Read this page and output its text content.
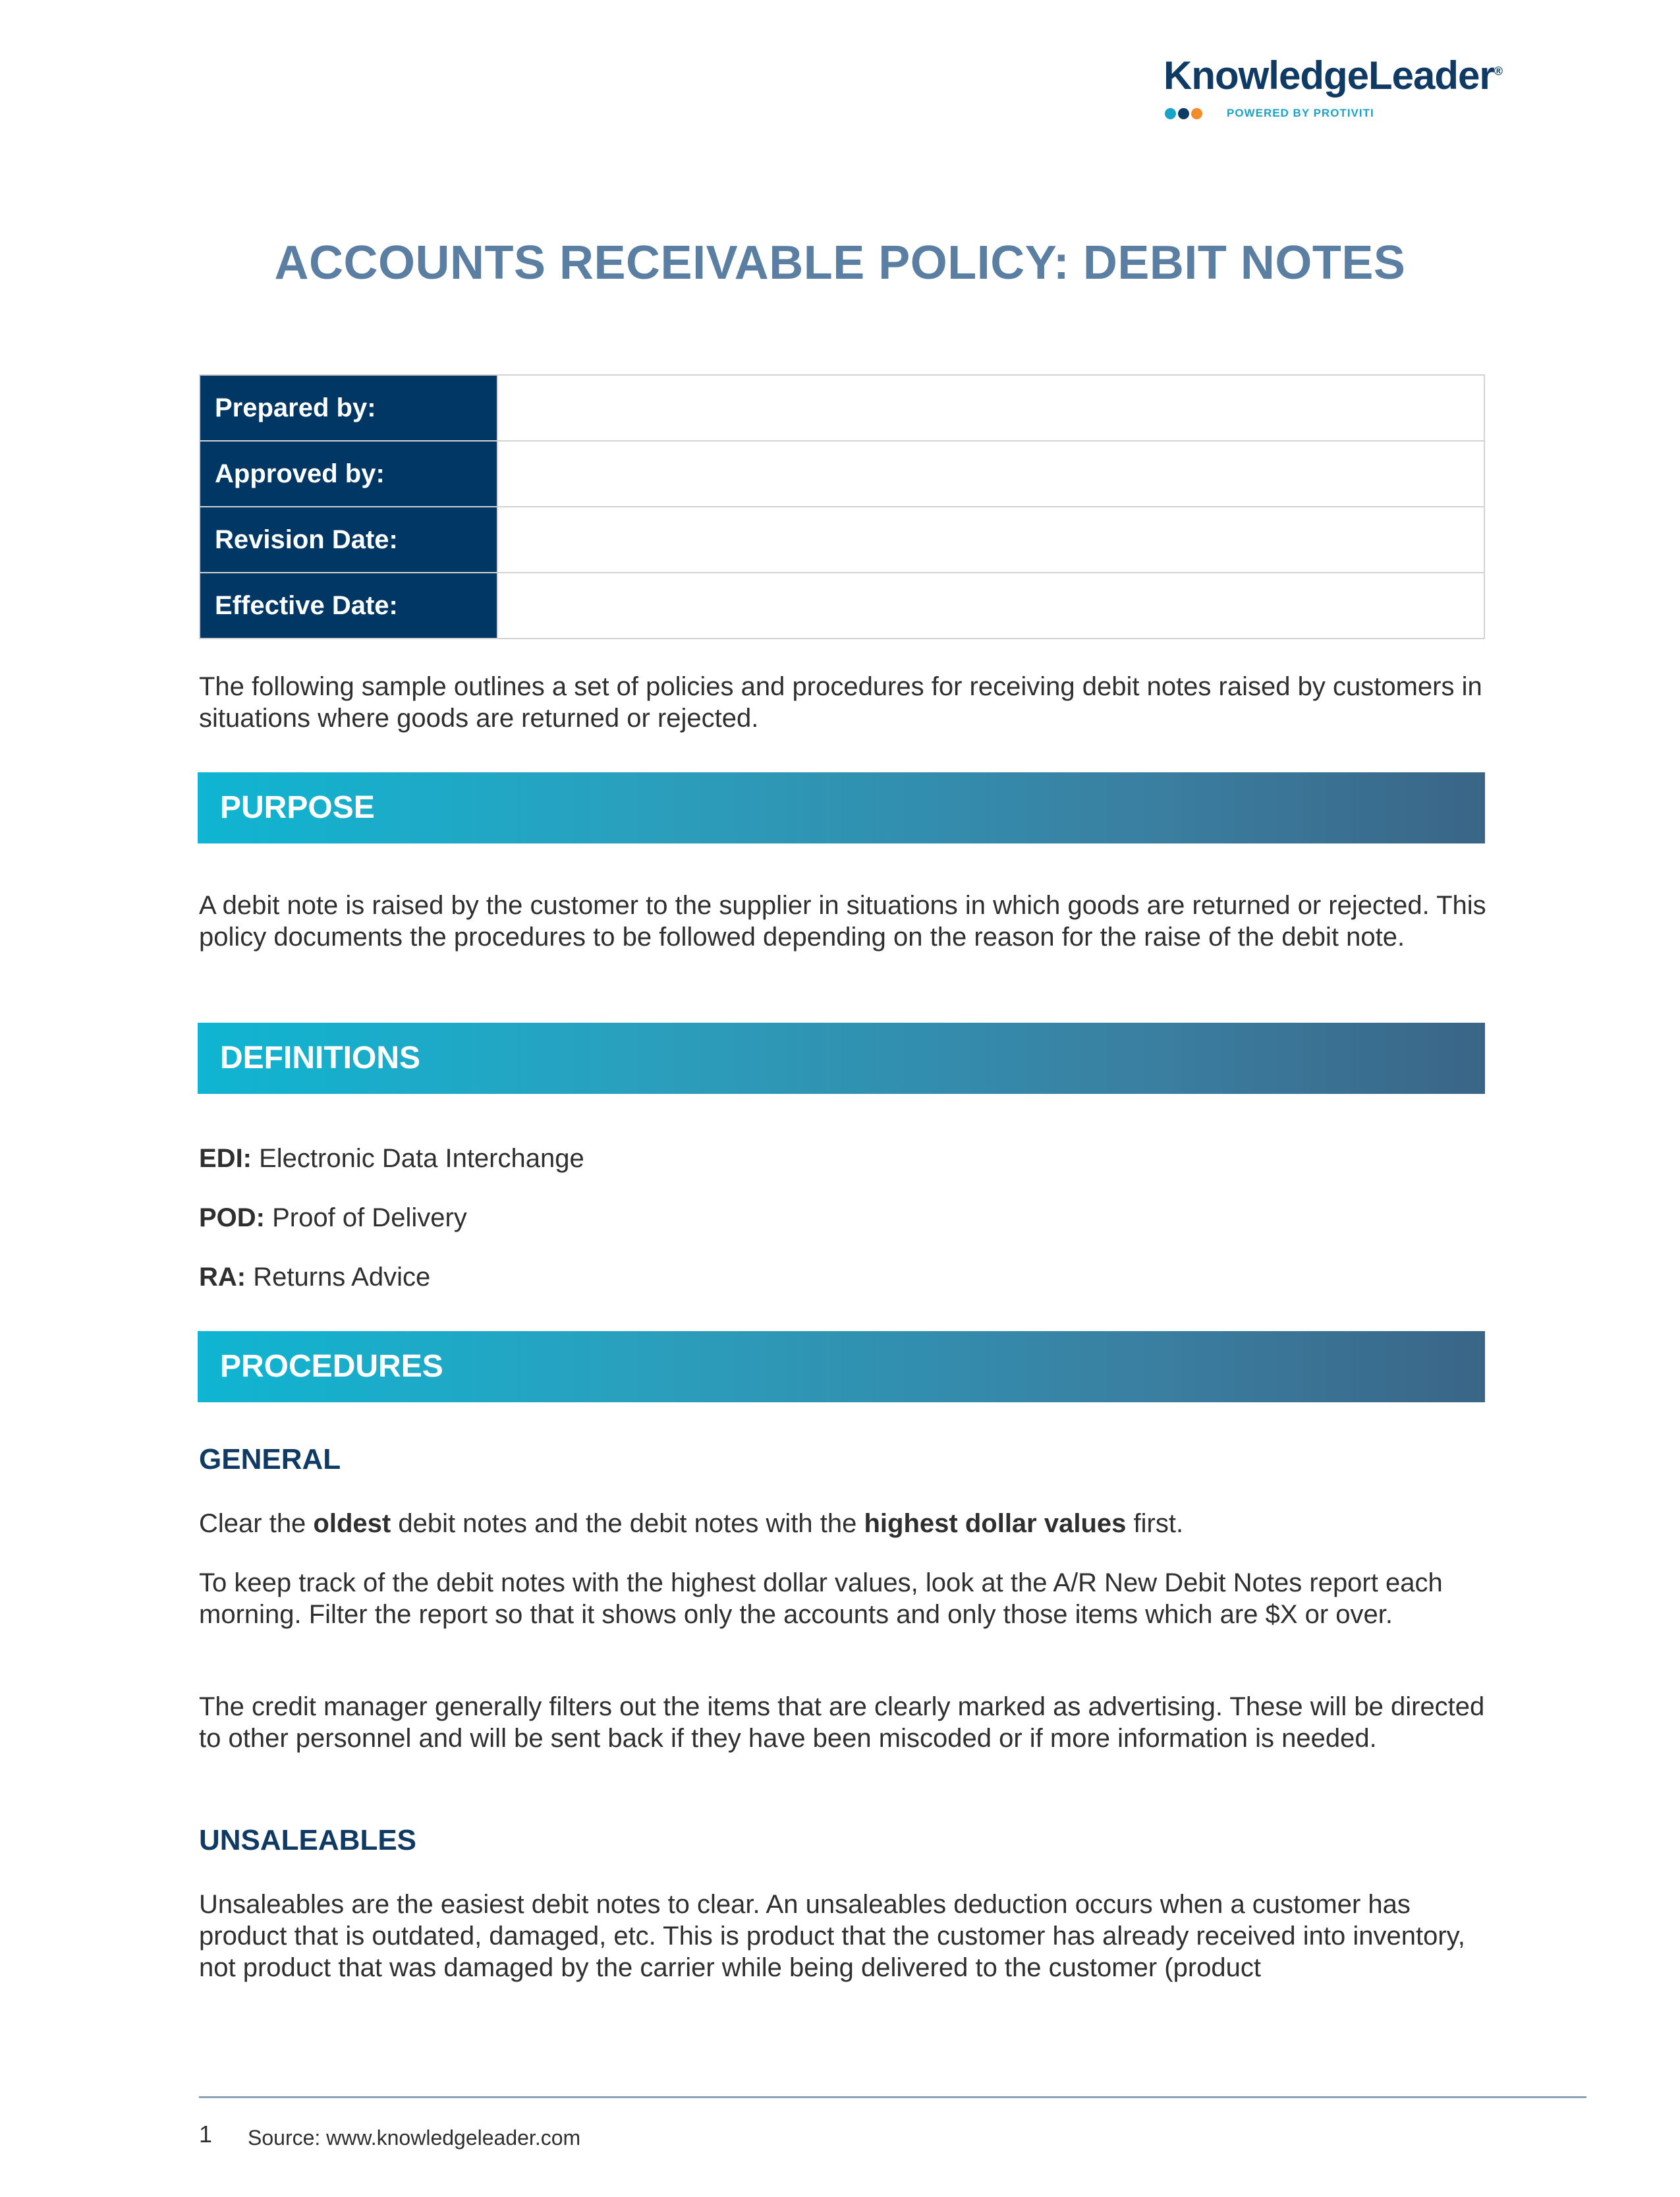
KnowledgeLeader®
POWERED BY PROTIVITI
ACCOUNTS RECEIVABLE POLICY: DEBIT NOTES
Prepared by:	
Approved by:	
Revision Date:	
Effective Date:	

The following sample outlines a set of policies and procedures for receiving debit notes raised by customers in situations where goods are returned or rejected.

PURPOSE

A debit note is raised by the customer to the supplier in situations in which goods are returned or rejected. This policy documents the procedures to be followed depending on the reason for the raise of the debit note.

DEFINITIONS

EDI: Electronic Data Interchange

POD: Proof of Delivery

RA: Returns Advice

PROCEDURES
GENERAL

Clear the oldest debit notes and the debit notes with the highest dollar values first.

To keep track of the debit notes with the highest dollar values, look at the A/R New Debit Notes report each morning. Filter the report so that it shows only the accounts and only those items which are $X or over.

The credit manager generally filters out the items that are clearly marked as advertising. These will be directed to other personnel and will be sent back if they have been miscoded or if more information is needed.

UNSALEABLES

Unsaleables are the easiest debit notes to clear. An unsaleables deduction occurs when a customer has product that is outdated, damaged, etc. This is product that the customer has already received into inventory, not product that was damaged by the carrier while being delivered to the customer (product

1 Source: www.knowledgeleader.com
